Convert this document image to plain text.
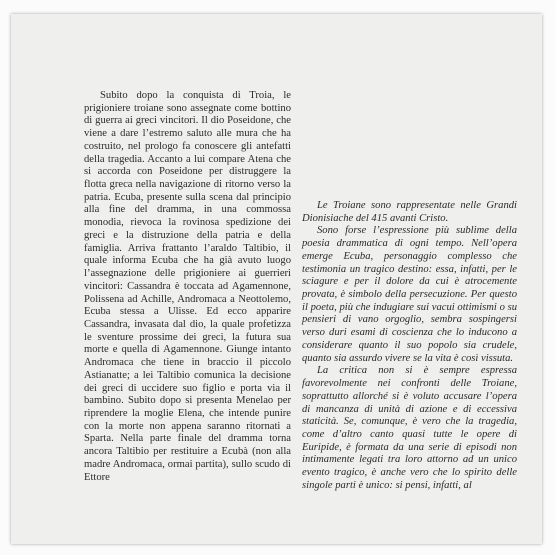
Subito dopo la conquista di Troia, le prigioniere troiane sono assegnate come bottino di guerra ai greci vincitori. Il dio Poseidone, che viene a dare l’estremo saluto alle mura che ha costruito, nel prologo fa conoscere gli antefatti della tragedia. Accanto a lui compare Atena che si accorda con Poseidone per distruggere la flotta greca nella navigazione di ritorno verso la patria. Ecuba, presente sulla scena dal principio alla fine del dramma, in una commossa monodia, rievoca la rovinosa spedizione dei greci e la distruzione della patria e della famiglia. Arriva frattanto l’araldo Taltibio, il quale informa Ecuba che ha già avuto luogo l’assegnazione delle prigioniere ai guerrieri vincitori: Cassandra è toccata ad Agamennone, Polissena ad Achille, Andromaca a Neottolemo, Ecuba stessa a Ulisse. Ed ecco apparire Cassandra, invasata dal dio, la quale profetizza le sventure prossime dei greci, la futura sua morte e quella di Agamennone. Giunge intanto Andromaca che tiene in braccio il piccolo Astianatte; a lei Taltibio comunica la decisione dei greci di uccidere suo figlio e porta via il bambino. Subito dopo si presenta Menelao per riprendere la moglie Elena, che intende punire con la morte non appena saranno ritornati a Sparta. Nella parte finale del dramma torna ancora Taltibio per restituire a Ecubà (non alla madre Andromaca, ormai partita), sullo scudo di Ettore

Le Troiane sono rappresentate nelle Grandi Dionisiache del 415 avanti Cristo.

Sono forse l’espressione più sublime della poesia drammatica di ogni tempo. Nell’opera emerge Ecuba, personaggio complesso che testimonia un tragico destino: essa, infatti, per le sciagure e per il dolore da cui è atrocemente provata, è simbolo della persecuzione. Per questo il poeta, più che indugiare sui vacui ottimismi o su pensieri di vano orgoglio, sembra sospingersi verso duri esami di coscienza che lo inducono a considerare quanto il suo popolo sia crudele, quanto sia assurdo vivere se la vita è così vissuta.

La critica non si è sempre espressa favorevolmente nei confronti delle Troiane, soprattutto allorché si è voluto accusare l’opera di mancanza di unità di azione e di eccessiva staticità. Se, comunque, è vero che la tragedia, come d’altro canto quasi tutte le opere di Euripide, è formata da una serie di episodi non intimamente legati tra loro attorno ad un unico evento tragico, è anche vero che lo spirito delle singole parti è unico: si pensi, infatti, al
